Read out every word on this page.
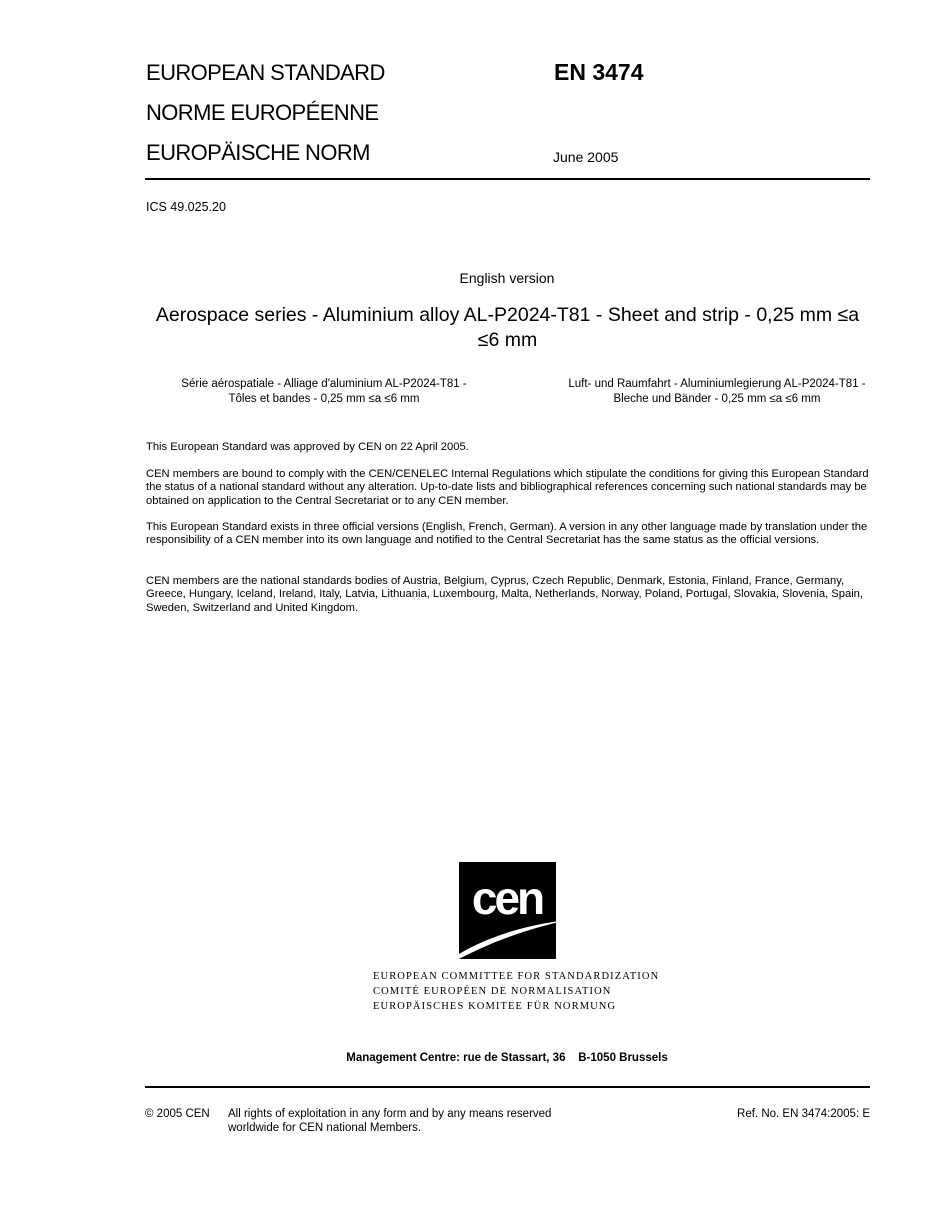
EUROPEAN STANDARD
NORME EUROPÉENNE
EUROPÄISCHE NORM
EN 3474
June 2005
ICS 49.025.20
English version
Aerospace series - Aluminium alloy AL-P2024-T81 - Sheet and strip - 0,25 mm ≤a ≤6 mm
Série aérospatiale - Alliage d'aluminium AL-P2024-T81 -
Tôles et bandes - 0,25 mm ≤a ≤6 mm
Luft- und Raumfahrt - Aluminiumlegierung AL-P2024-T81 -
Bleche und Bänder - 0,25 mm ≤a ≤6 mm

This European Standard was approved by CEN on 22 April 2005.

CEN members are bound to comply with the CEN/CENELEC Internal Regulations which stipulate the conditions for giving this European Standard the status of a national standard without any alteration. Up-to-date lists and bibliographical references concerning such national standards may be obtained on application to the Central Secretariat or to any CEN member.

This European Standard exists in three official versions (English, French, German). A version in any other language made by translation under the responsibility of a CEN member into its own language and notified to the Central Secretariat has the same status as the official versions.

CEN members are the national standards bodies of Austria, Belgium, Cyprus, Czech Republic, Denmark, Estonia, Finland, France, Germany, Greece, Hungary, Iceland, Ireland, Italy, Latvia, Lithuania, Luxembourg, Malta, Netherlands, Norway, Poland, Portugal, Slovakia, Slovenia, Spain, Sweden, Switzerland and United Kingdom.

cen
EUROPEAN COMMITTEE FOR STANDARDIZATION
COMITÉ EUROPÉEN DE NORMALISATION
EUROPÄISCHES KOMITEE FÜR NORMUNG
Management Centre: rue de Stassart, 36    B-1050 Brussels
© 2005 CEN All rights of exploitation in any form and by any means reserved
worldwide for CEN national Members.
Ref. No. EN 3474:2005: E
